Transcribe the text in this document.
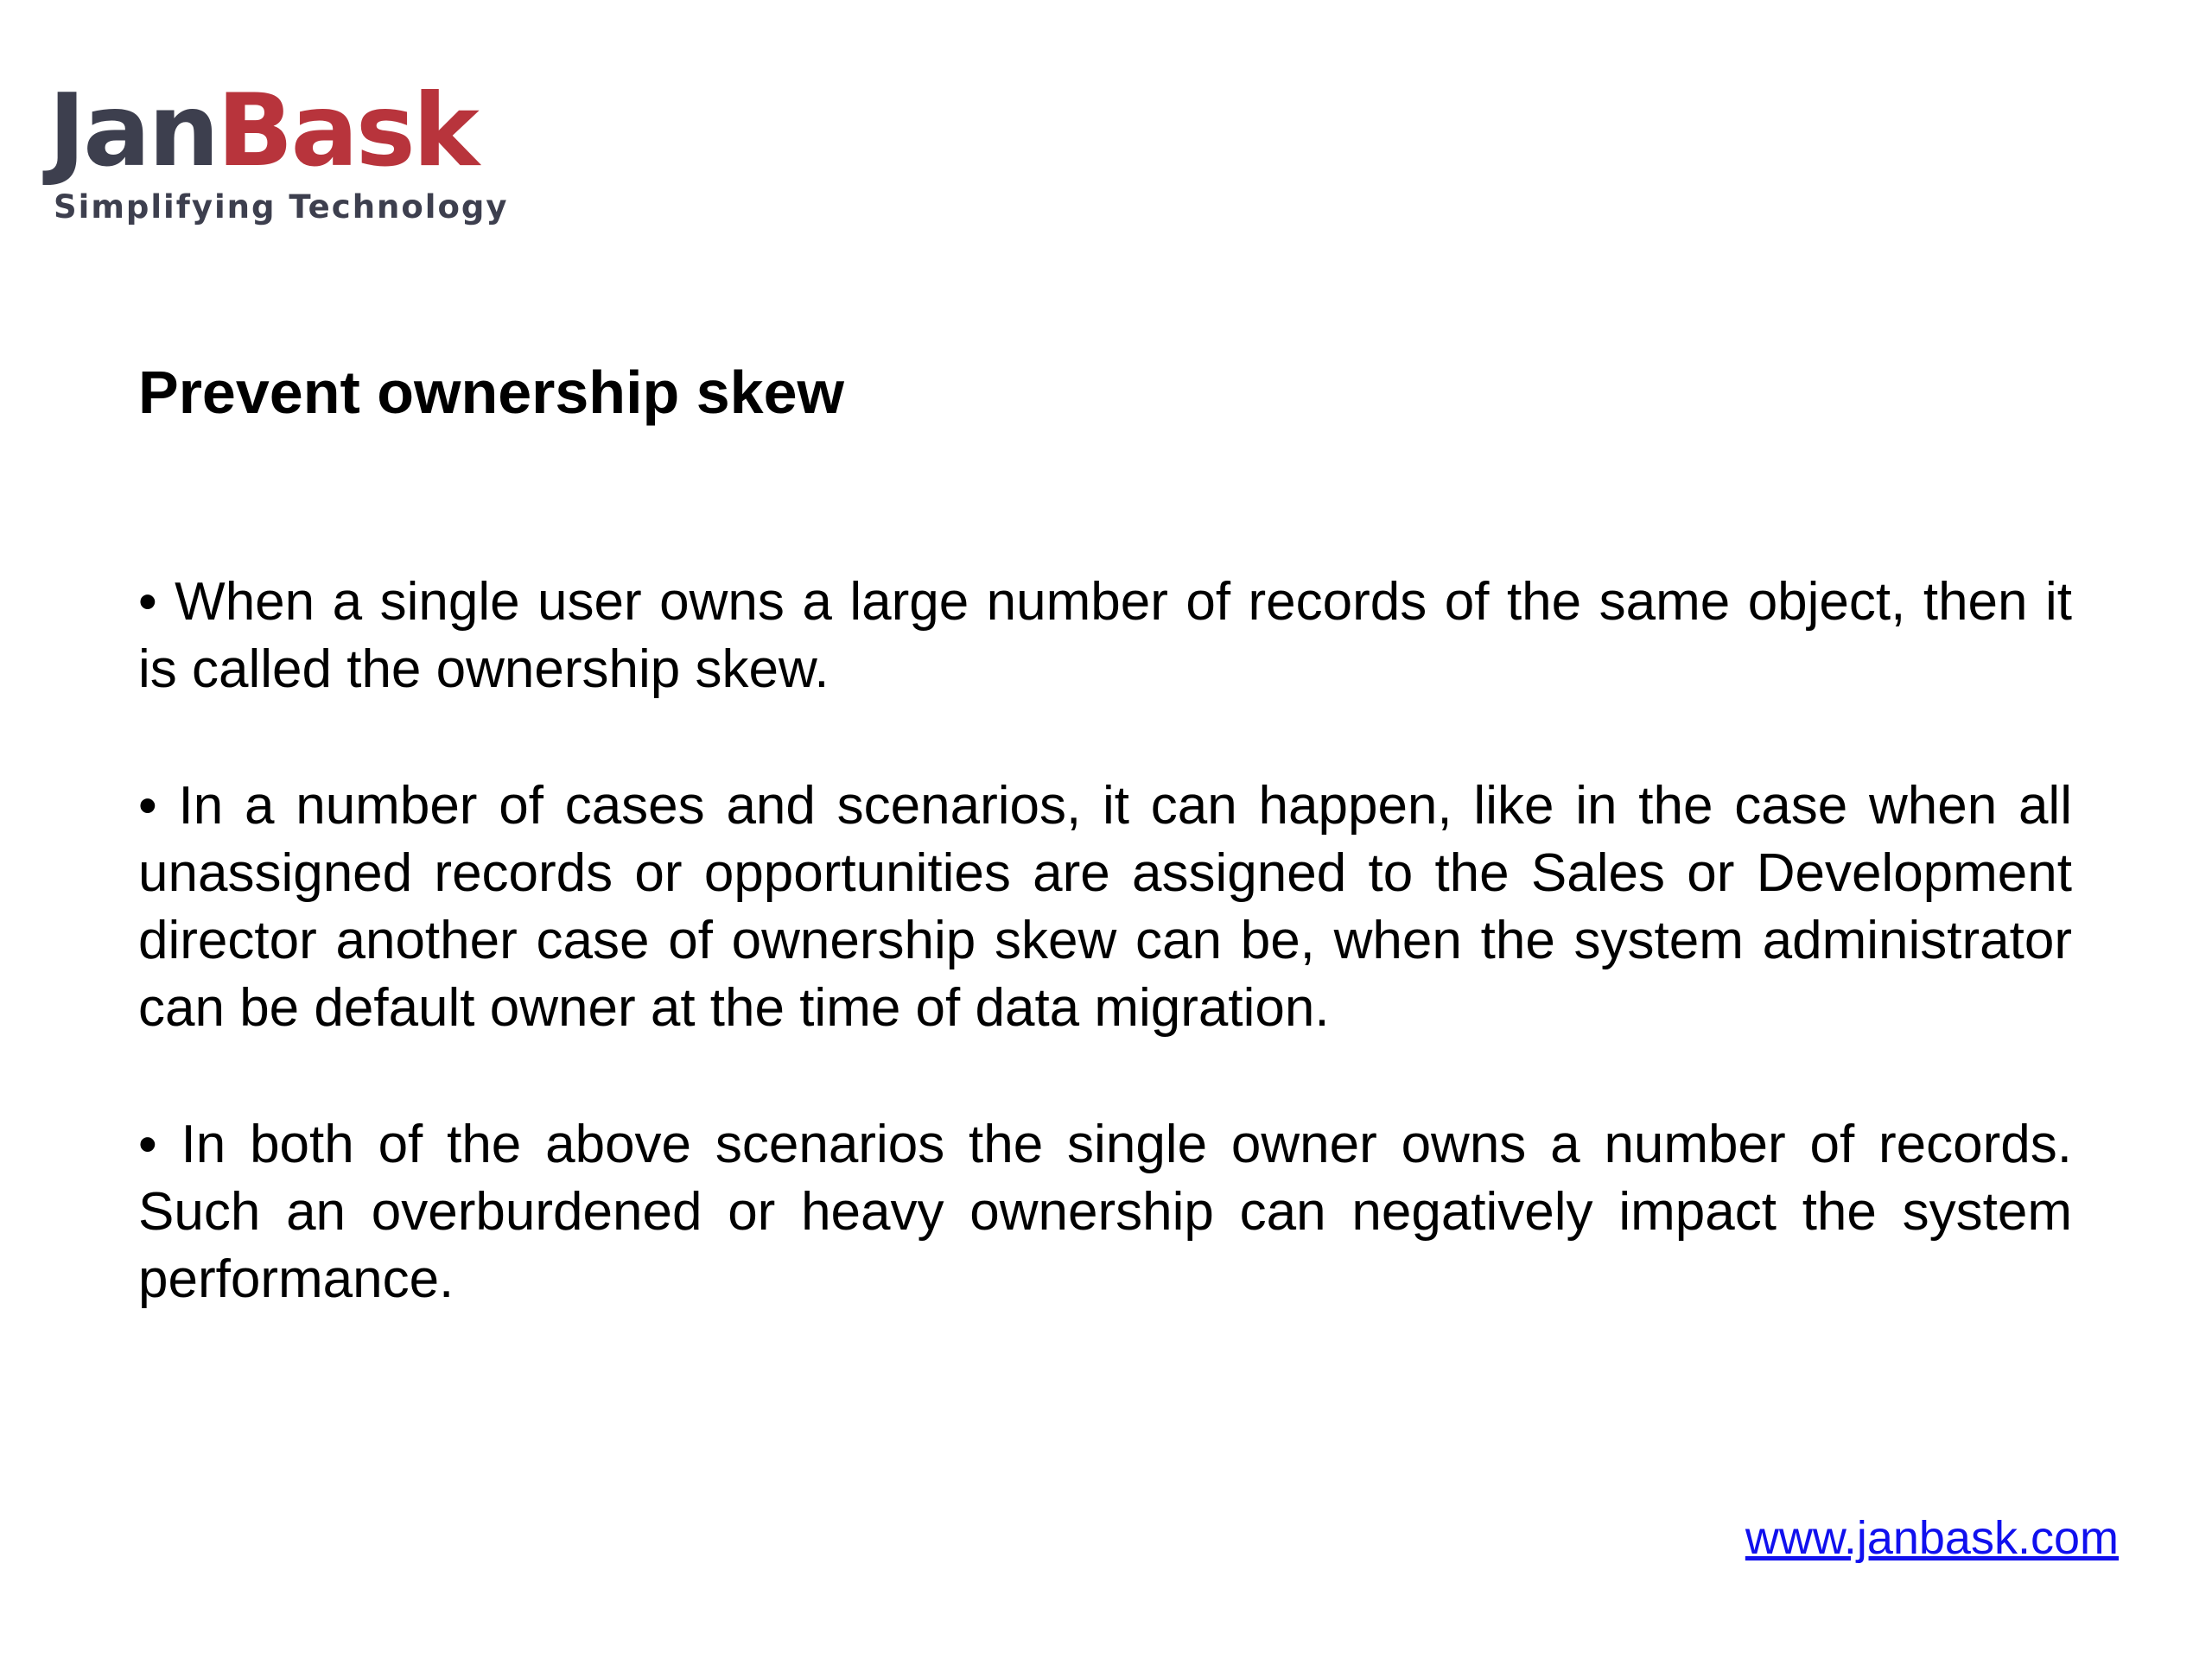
JanBask
Simplifying Technology
Prevent ownership skew

• When a single user owns a large number of records of the same object, then it is called the ownership skew.

• In a number of cases and scenarios, it can happen, like in the case when all unassigned records or opportunities are assigned to the Sales or Development director another case of ownership skew can be, when the system administrator can be default owner at the time of data migration.

• In both of the above scenarios the single owner owns a number of records. Such an overburdened or heavy ownership can negatively impact the system performance.

www.janbask.com
